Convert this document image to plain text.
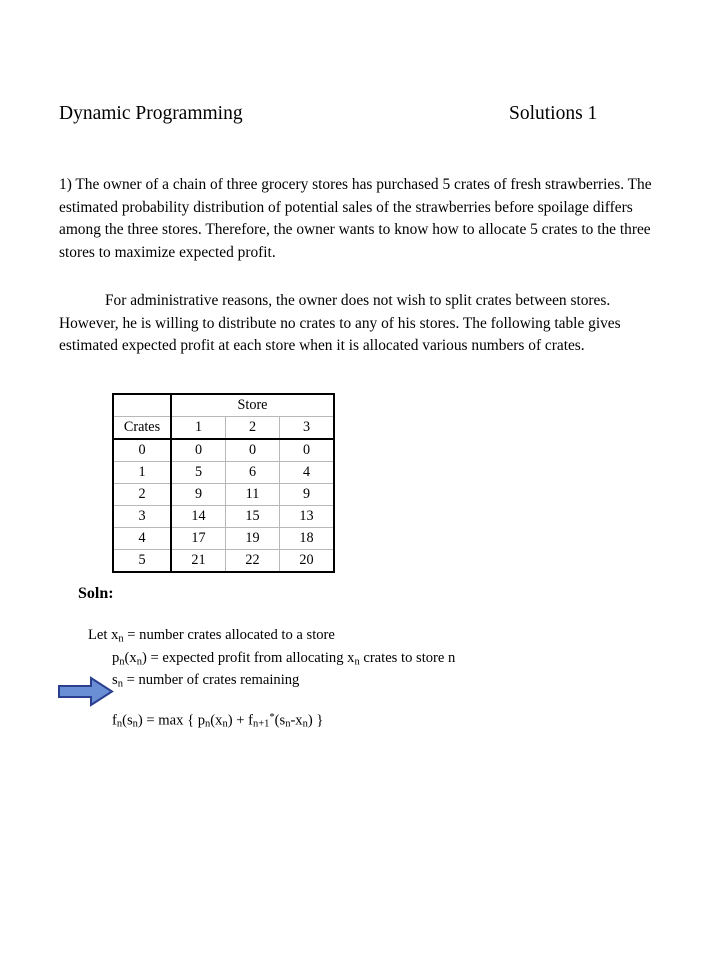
Dynamic Programming	Solutions 1
1) The owner of a chain of three grocery stores has purchased 5 crates of fresh strawberries. The estimated probability distribution of potential sales of the strawberries before spoilage differs among the three stores. Therefore, the owner wants to know how to allocate 5 crates to the three stores to maximize expected profit.
For administrative reasons, the owner does not wish to split crates between stores. However, he is willing to distribute no crates to any of his stores. The following table gives estimated expected profit at each store when it is allocated various numbers of crates.
	Store		
Crates	1	2	3
0	0	0	0
1	5	6	4
2	9	11	9
3	14	15	13
4	17	19	18
5	21	22	20
Soln:
Let $x_n$ = number crates allocated to a store
$p_n(x_n)$ = expected profit from allocating $x_n$ crates to store n
$s_n$ = number of crates remaining
$f_n(s_n) = \max$ { $p_n(x_n) + f_{n+1}^*(s_n-x_n)$ }
